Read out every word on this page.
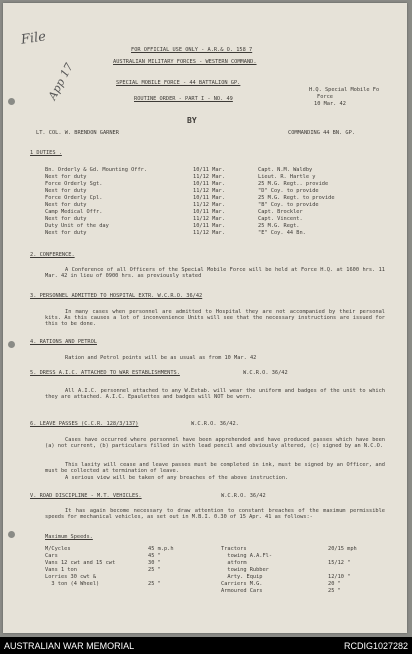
File
App 17
FOR OFFICIAL USE ONLY - A.R.& O. 158 7
AUSTRALIAN MILITARY FORCES - WESTERN COMMAND.
SPECIAL MOBILE FORCE - 44 BATTALION GP.
ROUTINE ORDER - PART I - NO. 49
H.Q. Special Mobile Fo
Force
10 Mar. 42
BY
LT. COL. W. BRENDON GARNER	COMMANDING 44 BN. GP.
1 DUTIES .
Bn. Orderly & Gd. Mounting Offr.	10/11 Mar.	Capt. N.M. Waldby
Next for duty	11/12 Mar.	Lieut. R. Hartle y
Force Orderly Sgt.	10/11 Mar.	25 M.G. Regt.. provide
Next for duty	11/12 Mar.	"D" Coy. to provide
Force Orderly Cpl.	10/11 Mar.	25 M.G. Regt. to provide
Next for duty	11/12 Mar.	"B" Coy. to provide
Camp Medical Offr.	10/11 Mar.	Capt. Brockler
Next for duty	11/12 Mar.	Capt. Vincent.
Duty Unit of the day	10/11 Mar.	25 M.G. Regt.
Next for duty	11/12 Mar.	"E" Coy. 44 Bn.
2. CONFERENCE.
A Conference of all Officers of the Special Mobile Force will be held at Force H.Q. at 1600 hrs. 11 Mar. 42 in lieu of 0900 hrs. as previously stated
3. PERSONNEL ADMITTED TO HOSPITAL EXTR. W.C.R.O. 36/42
In many cases when personnel are admitted to Hospital they are not accompanied by their personal kits. As this causes a lot of inconvenience Units will see that the necessary instructions are issued for this to be done.
4. RATIONS AND PETROL
Ration and Petrol points will be as usual as from 10 Mar. 42
5. DRESS A.I.C. ATTACHED TO WAR ESTABLISHMENTS.	W.C.R.O. 36/42
All A.I.C. personnel attached to any W.Estab. will wear the uniform and badges of the unit to which they are attached. A.I.C. Epaulettes and badges will NOT be worn.
6. LEAVE PASSES (C.C.R. 128/3/137)	W.C.R.O. 36/42.
Cases have occurred where personnel have been apprehended and have produced passes which have been (a) not current, (b) particulars filled in with lead pencil and obviously altered, (c) signed by an N.C.O.
This laxity will cease and leave passes must be completed in ink, must be signed by an Officer, and must be collected at termination of leave.
A serious view will be taken of any breaches of the above instruction.
V. ROAD DISCIPLINE - M.T. VEHICLES.	W.C.R.O. 36/42
It has again become necessary to draw attention to constant breaches of the maximum permissible speeds for mechanical vehicles, as set out in M.B.I. 0.30 of 15 Apr. 41 as follows:-
Maximum Speeds.
M/Cycles	45 m.p.h
Cars	45 "
Vans 12 cwt and 15 cwt	30 "
Vans 1 ton	25 "
Lorries 30 cwt &
3 ton (4 Wheel)	25 "
Tractors	20/15 mph
towing A.A.Fl-
atform	15/12 "
towing Rubber
Arty. Equip	12/10 "
Carriers M.G.	20 "
Armoured Cars	25 "
AUSTRALIAN WAR MEMORIAL	RCDIG1027282
